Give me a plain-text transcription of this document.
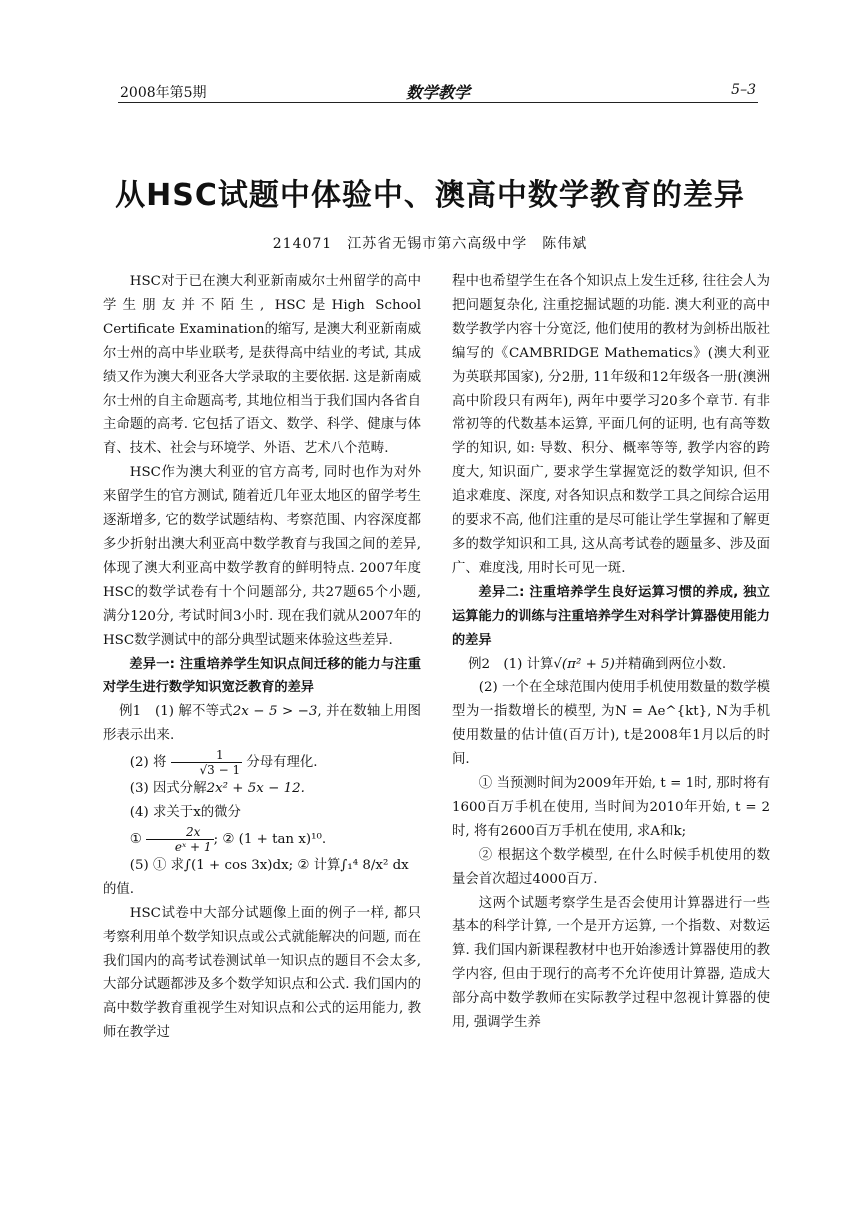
2008年第5期	数学教学	5–3
从HSC试题中体验中、澳高中数学教育的差异
214071　江苏省无锡市第六高级中学　陈伟斌

HSC对于已在澳大利亚新南威尔士州留学的高中学生朋友并不陌生, HSC是High School Certificate Examination的缩写, 是澳大利亚新南威尔士州的高中毕业联考, 是获得高中结业的考试, 其成绩又作为澳大利亚各大学录取的主要依据. 这是新南威尔士州的自主命题高考, 其地位相当于我们国内各省自主命题的高考. 它包括了语文、数学、科学、健康与体育、技术、社会与环境学、外语、艺术八个范畴.

HSC作为澳大利亚的官方高考, 同时也作为对外来留学生的官方测试, 随着近几年亚太地区的留学考生逐渐增多, 它的数学试题结构、考察范围、内容深度都多少折射出澳大利亚高中数学教育与我国之间的差异, 体现了澳大利亚高中数学教育的鲜明特点. 2007年度HSC的数学试卷有十个问题部分, 共27题65个小题, 满分120分, 考试时间3小时. 现在我们就从2007年的HSC数学测试中的部分典型试题来体验这些差异.

差异一: 注重培养学生知识点间迁移的能力与注重对学生进行数学知识宽泛教育的差异

例1　(1) 解不等式2x − 5 > −3, 并在数轴上用图形表示出来.

(2) 将 $\frac{1}{√3 - 1}$ 分母有理化.

(3) 因式分解2x² + 5x − 12.

(4) 求关于x的微分

① $\frac{2x}{\text{eˣ + 1}}$ ; ② (1 + tan x)¹⁰.

(5) ① 求∫(1 + cos 3x)dx; ② 计算∫₁⁴ 8/x² dx

的值.

HSC试卷中大部分试题像上面的例子一样, 都只考察利用单个数学知识点或公式就能解决的问题, 而在我们国内的高考试卷测试单一知识点的题目不会太多, 大部分试题都涉及多个数学知识点和公式. 我们国内的高中数学教育重视学生对知识点和公式的运用能力, 教师在教学过

程中也希望学生在各个知识点上发生迁移, 往往会人为把问题复杂化, 注重挖掘试题的功能. 澳大利亚的高中数学教学内容十分宽泛, 他们使用的教材为剑桥出版社编写的《CAMBRIDGE Mathematics》(澳大利亚为英联邦国家), 分2册, 11年级和12年级各一册(澳洲高中阶段只有两年), 两年中要学习20多个章节. 有非常初等的代数基本运算, 平面几何的证明, 也有高等数学的知识, 如: 导数、积分、概率等等, 教学内容的跨度大, 知识面广, 要求学生掌握宽泛的数学知识, 但不追求难度、深度, 对各知识点和数学工具之间综合运用的要求不高, 他们注重的是尽可能让学生掌握和了解更多的数学知识和工具, 这从高考试卷的题量多、涉及面广、难度浅, 用时长可见一斑.

差异二: 注重培养学生良好运算习惯的养成, 独立运算能力的训练与注重培养学生对科学计算器使用能力的差异

例2　(1) 计算√(π² + 5)并精确到两位小数.

(2) 一个在全球范围内使用手机使用数量的数学模型为一指数增长的模型, 为N = Ae^{kt}, N为手机使用数量的估计值(百万计), t是2008年1月以后的时间.

① 当预测时间为2009年开始, t = 1时, 那时将有1600百万手机在使用, 当时间为2010年开始, t = 2时, 将有2600百万手机在使用, 求A和k;

② 根据这个数学模型, 在什么时候手机使用的数量会首次超过4000百万.

这两个试题考察学生是否会使用计算器进行一些基本的科学计算, 一个是开方运算, 一个指数、对数运算. 我们国内新课程教材中也开始渗透计算器使用的教学内容, 但由于现行的高考不允许使用计算器, 造成大部分高中数学教师在实际教学过程中忽视计算器的使用, 强调学生养
